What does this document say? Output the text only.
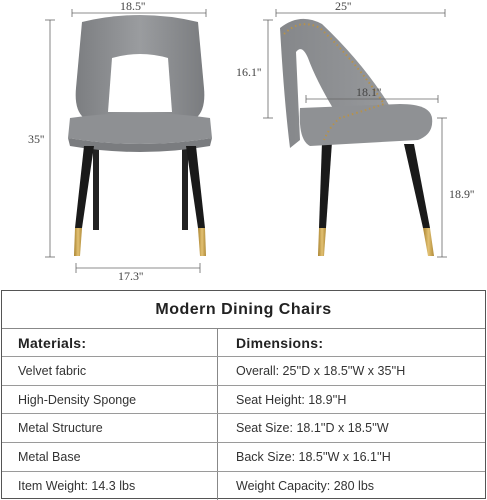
18.5''
35''
17.3''
25''
16.1''
18.1''
18.9''
Modern Dining Chairs
Materials:	Dimensions:
Velvet fabric	Overall: 25''D x 18.5''W x 35''H
High-Density Sponge	Seat Height: 18.9''H
Metal Structure	Seat Size: 18.1''D x 18.5''W
Metal Base	Back Size: 18.5''W x 16.1''H
Item Weight: 14.3 lbs	Weight Capacity: 280 lbs
